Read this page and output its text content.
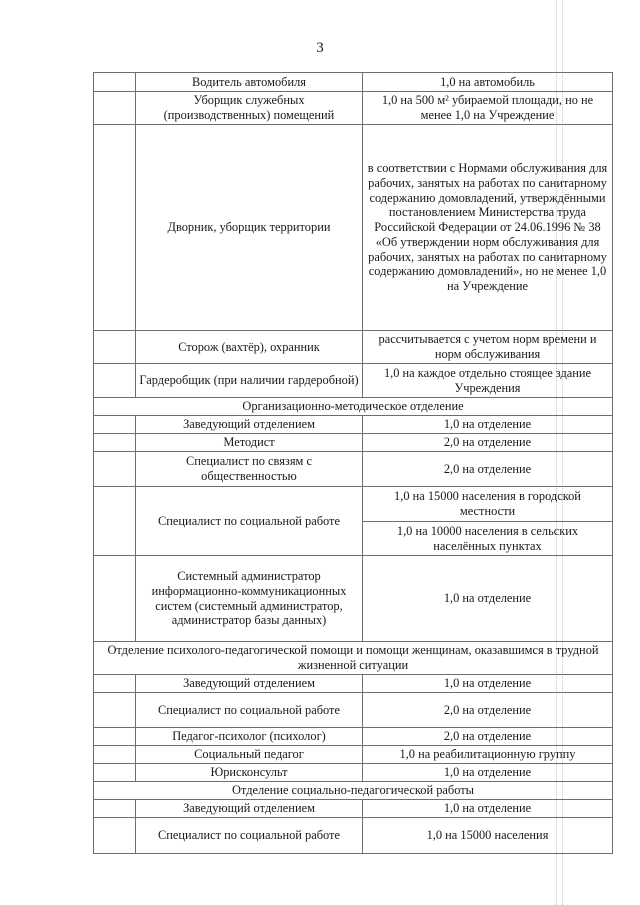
3
	Водитель автомобиля	1,0 на автомобиль
	Уборщик служебных (производственных) помещений	1,0 на 500 м² убираемой площади, но не менее 1,0 на Учреждение
	Дворник, уборщик территории	в соответствии с Нормами обслуживания для рабочих, занятых на работах по санитарному содержанию домовладений, утверждёнными постановлением Министерства труда Российской Федерации от 24.06.1996 № 38 «Об утверждении норм обслуживания для рабочих, занятых на работах по санитарному содержанию домовладений», но не менее 1,0 на Учреждение
	Сторож (вахтёр), охранник	рассчитывается с учетом норм времени и норм обслуживания
	Гардеробщик (при наличии гардеробной)	1,0 на каждое отдельно стоящее здание Учреждения
Организационно-методическое отделение		
	Заведующий отделением	1,0 на отделение
	Методист	2,0 на отделение
	Специалист по связям с общественностью	2,0 на отделение
	Специалист по социальной работе	1,0 на 15000 населения в городской местности
		1,0 на 10000 населения в сельских населённых пунктах
	Системный администратор информационно-коммуникационных систем (системный администратор, администратор базы данных)	1,0 на отделение
Отделение психолого-педагогической помощи и помощи женщинам, оказавшимся в трудной жизненной ситуации		
	Заведующий отделением	1,0 на отделение
	Специалист по социальной работе	2,0 на отделение
	Педагог-психолог (психолог)	2,0 на отделение
	Социальный педагог	1,0 на реабилитационную группу
	Юрисконсульт	1,0 на отделение
Отделение социально-педагогической работы		
	Заведующий отделением	1,0 на отделение
	Специалист по социальной работе	1,0 на 15000 населения
